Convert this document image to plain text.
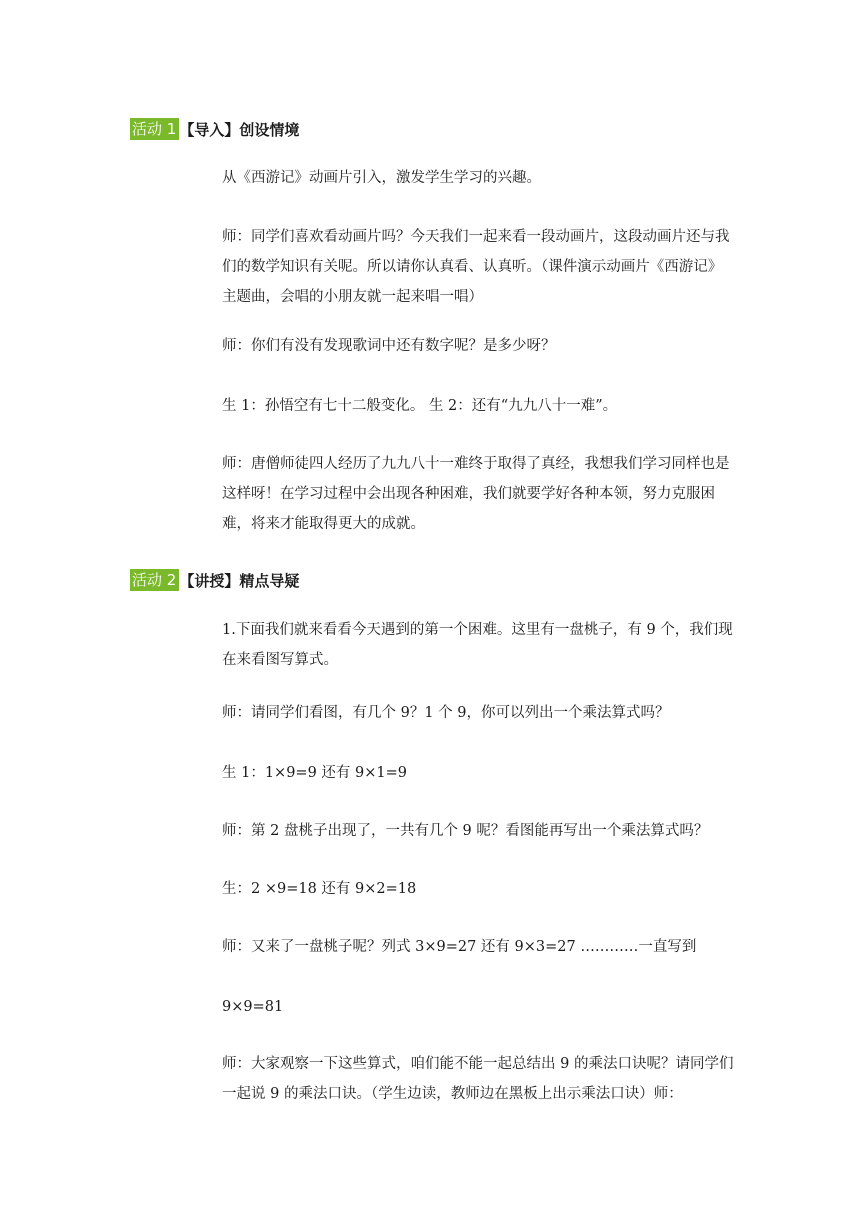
活动 1 【导入】创设情境

从《西游记》动画片引入，激发学生学习的兴趣。

师：同学们喜欢看动画片吗？今天我们一起来看一段动画片，这段动画片还与我们的数学知识有关呢。所以请你认真看、认真听。（课件演示动画片《西游记》主题曲，会唱的小朋友就一起来唱一唱）

师：你们有没有发现歌词中还有数字呢？是多少呀？

生 1：孙悟空有七十二般变化。 生 2：还有“九九八十一难”。

师：唐僧师徒四人经历了九九八十一难终于取得了真经，我想我们学习同样也是这样呀！在学习过程中会出现各种困难，我们就要学好各种本领，努力克服困难，将来才能取得更大的成就。

活动 2 【讲授】精点导疑

1.下面我们就来看看今天遇到的第一个困难。这里有一盘桃子，有 9 个，我们现在来看图写算式。

师：请同学们看图，有几个 9？1 个 9，你可以列出一个乘法算式吗？

生 1：1×9=9 还有 9×1=9

师：第 2 盘桃子出现了，一共有几个 9 呢？看图能再写出一个乘法算式吗？

生：2 ×9=18 还有 9×2=18

师：又来了一盘桃子呢？列式 3×9=27 还有 9×3=27 …………一直写到

9×9=81

师：大家观察一下这些算式，咱们能不能一起总结出 9 的乘法口诀呢？请同学们一起说 9 的乘法口诀。（学生边读，教师边在黑板上出示乘法口诀）师：
